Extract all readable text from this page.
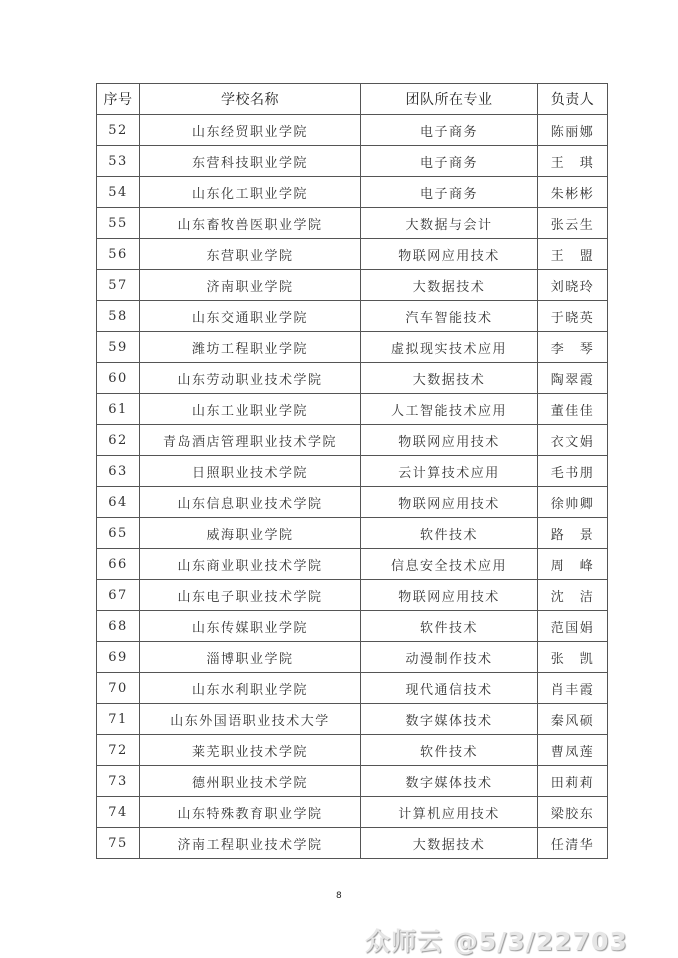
序号	学校名称	团队所在专业	负责人
52	山东经贸职业学院	电子商务	陈丽娜
53	东营科技职业学院	电子商务	王　琪
54	山东化工职业学院	电子商务	朱彬彬
55	山东畜牧兽医职业学院	大数据与会计	张云生
56	东营职业学院	物联网应用技术	王　盟
57	济南职业学院	大数据技术	刘晓玲
58	山东交通职业学院	汽车智能技术	于晓英
59	潍坊工程职业学院	虚拟现实技术应用	李　琴
60	山东劳动职业技术学院	大数据技术	陶翠霞
61	山东工业职业学院	人工智能技术应用	董佳佳
62	青岛酒店管理职业技术学院	物联网应用技术	衣文娟
63	日照职业技术学院	云计算技术应用	毛书朋
64	山东信息职业技术学院	物联网应用技术	徐帅卿
65	威海职业学院	软件技术	路　景
66	山东商业职业技术学院	信息安全技术应用	周　峰
67	山东电子职业技术学院	物联网应用技术	沈　洁
68	山东传媒职业学院	软件技术	范国娟
69	淄博职业学院	动漫制作技术	张　凯
70	山东水利职业学院	现代通信技术	肖丰霞
71	山东外国语职业技术大学	数字媒体技术	秦风硕
72	莱芜职业技术学院	软件技术	曹凤莲
73	德州职业技术学院	数字媒体技术	田莉莉
74	山东特殊教育职业学院	计算机应用技术	梁胶东
75	济南工程职业技术学院	大数据技术	任清华
8
众师云 @5/3/22703
